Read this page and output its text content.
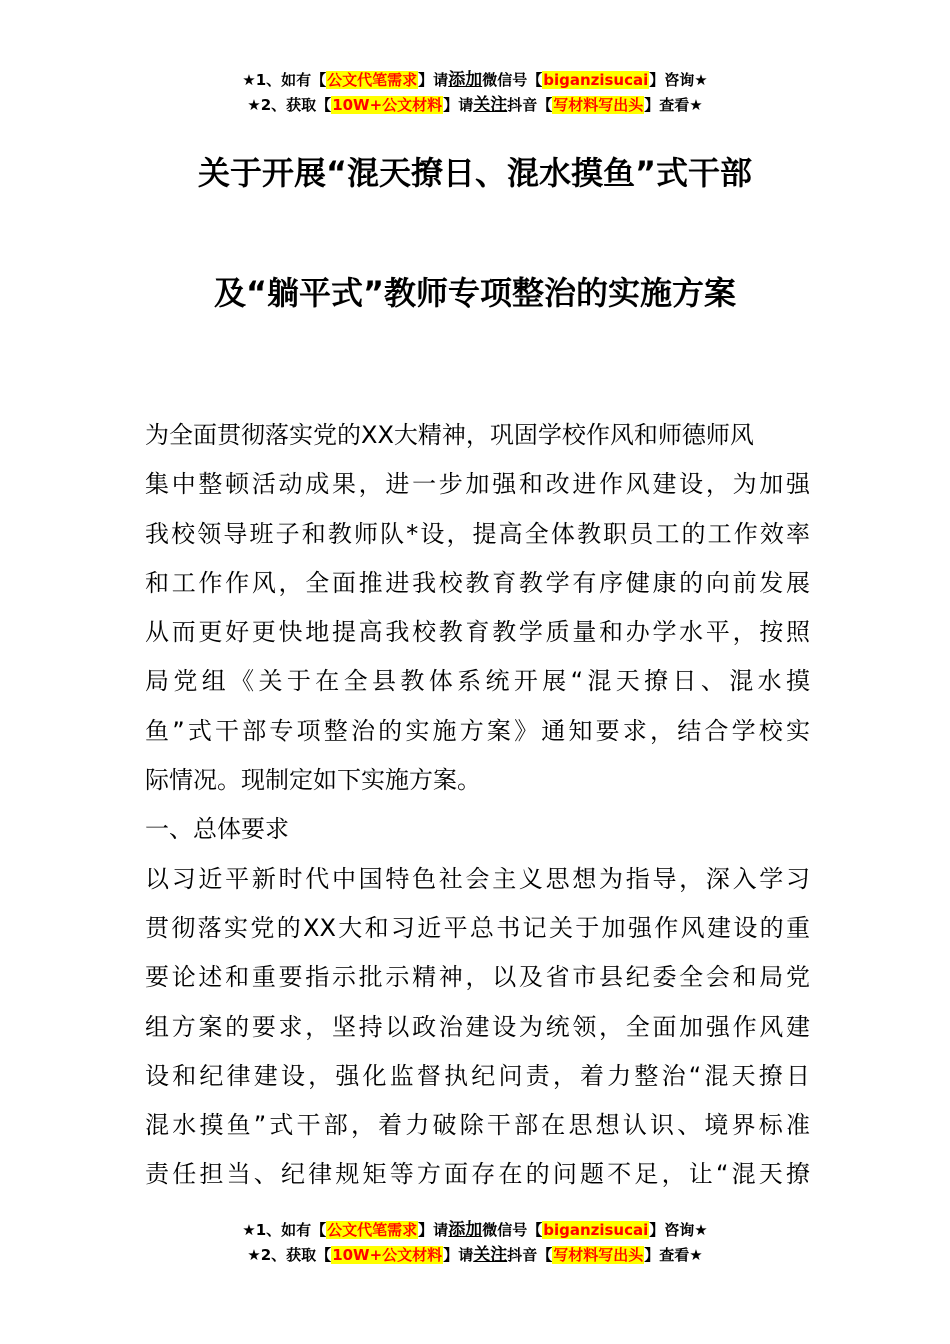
★1、如有【公文代笔需求】请添加微信号【biganzisucai】咨询★
★2、获取【10W+公文材料】请关注抖音【写材料写出头】查看★
关于开展“混天撩日、混水摸鱼”式干部
及“躺平式”教师专项整治的实施方案
为全面贯彻落实党的XX大精神，巩固学校作风和师德师风
集中整顿活动成果，进一步加强和改进作风建设，为加强
我校领导班子和教师队*设，提高全体教职员工的工作效率
和工作作风，全面推进我校教育教学有序健康的向前发展
从而更好更快地提高我校教育教学质量和办学水平，按照
局党组《关于在全县教体系统开展“混天撩日、混水摸
鱼”式干部专项整治的实施方案》通知要求，结合学校实
际情况。现制定如下实施方案。
一、总体要求
以习近平新时代中国特色社会主义思想为指导，深入学习
贯彻落实党的XX大和习近平总书记关于加强作风建设的重
要论述和重要指示批示精神，以及省市县纪委全会和局党
组方案的要求，坚持以政治建设为统领，全面加强作风建
设和纪律建设，强化监督执纪问责，着力整治“混天撩日
混水摸鱼”式干部，着力破除干部在思想认识、境界标准
责任担当、纪律规矩等方面存在的问题不足，让“混天撩
★1、如有【公文代笔需求】请添加微信号【biganzisucai】咨询★
★2、获取【10W+公文材料】请关注抖音【写材料写出头】查看★
